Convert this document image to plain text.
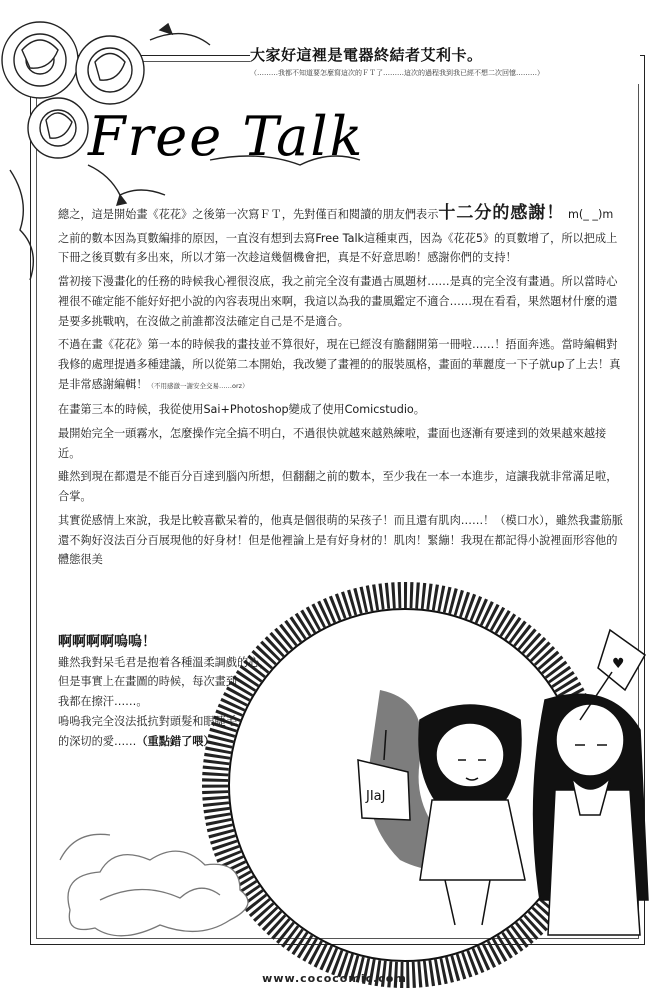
JIaJ
♥
大家好這裡是電器終結者艾利卡。
（………我都不知道要怎麼寫這次的ＦＴ了………這次的過程我到我已經不想二次回憶………）
Free Talk

總之，這是開始畫《花花》之後第一次寫ＦＴ，先對僅百和閱讀的朋友們表示十二分的感謝！ m(_ _)m

之前的數本因為頁數編排的原因，一直沒有想到去寫Free Talk這種東西，因為《花花5》的頁數增了，所以把成上下冊之後頁數有多出來，所以才第一次趁這幾個機會把，真是不好意思喲！感謝你們的支持！

當初接下漫畫化的任務的時候我心裡很沒底，我之前完全沒有畫過古風題材……是真的完全沒有畫過。所以當時心裡很不確定能不能好好把小說的內容表現出來啊，我這以為我的畫風鑑定不適合……現在看看，果然題材什麼的還是要多挑戰吶，在沒做之前誰都沒法確定自己是不是適合。

不過在畫《花花》第一本的時候我的畫技並不算很好，現在已經沒有膽翻開第一冊啦……！捂面奔逃。當時編輯對我修的處理提過多種建議，所以從第二本開始，我改變了畫裡的的服裝風格，畫面的華麗度一下子就up了上去！真是非常感謝編輯！（不用感激一謝安全交易……orz）

在畫第三本的時候，我從使用Sai+Photoshop變成了使用Comicstudio。

最開始完全一頭霧水，怎麼操作完全搞不明白，不過很快就越來越熟練啦，畫面也逐漸有要達到的效果越來越接近。

雖然到現在都還是不能百分百達到腦內所想，但翻翻之前的數本，至少我在一本一本進步，這讓我就非常滿足啦，合掌。

其實從感情上來說，我是比較喜歡呆着的，他真是個很萌的呆孩子！而且還有肌肉……！（模口水），雖然我畫筋脈還不夠好沒法百分百展現他的好身材！但是他裡論上是有好身材的！肌肉！緊繃！我現在都記得小說裡面形容他的體態很美

啊啊啊啊嗚嗚！

雖然我對呆毛君是抱着各種溫柔調戲的心，

但是事實上在畫圖的時候，每次畫到

我都在擦汗……。

嗚嗚我完全沒法抵抗對頭髮和眼睫毛

的深切的愛……（重點錯了喂）

www.cococomic.com
